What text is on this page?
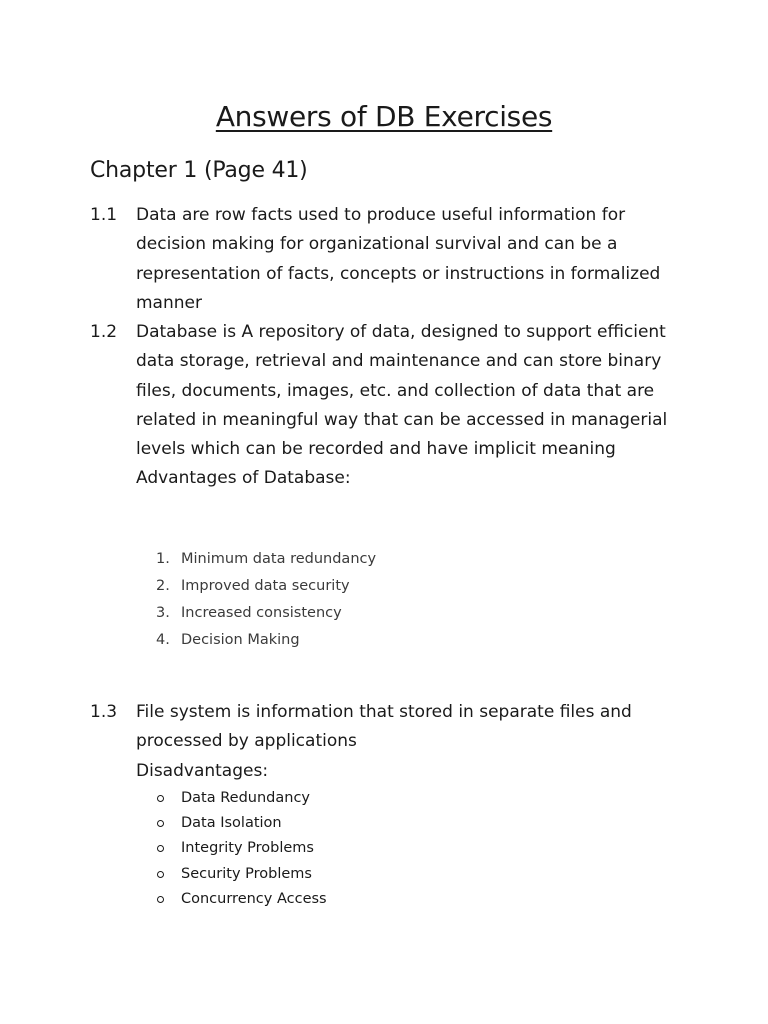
Answers of DB Exercises
Chapter 1 (Page 41)
1.1 Data are row facts used to produce useful information for decision making for organizational survival and can be a representation of facts, concepts or instructions in formalized manner

1.2 Database is A repository of data, designed to support efficient data storage, retrieval and maintenance and can store binary files, documents, images, etc. and collection of data that are related in meaningful way that can be accessed in managerial levels which can be recorded and have implicit meaning

Advantages of Database:

1. Minimum data redundancy
2. Improved data security
3. Increased consistency
4. Decision Making
1.3 File system is information that stored in separate files and processed by applications

Disadvantages:

Data Redundancy
Data Isolation
Integrity Problems
Security Problems
Concurrency Access
